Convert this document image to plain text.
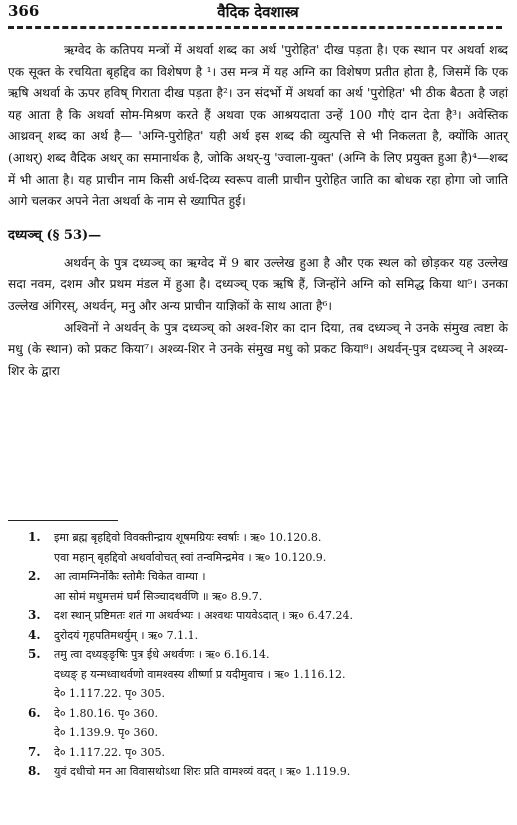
366	वैदिक देवशास्त्र

ऋग्वेद के कतिपय मन्त्रों में अथर्वा शब्द का अर्थ 'पुरोहित' दीख पड़ता है। एक स्थान पर अथर्वा शब्द एक सूक्त के रचयिता बृहद्दिव का विशेषण है ¹। उस मन्त्र में यह अग्नि का विशेषण प्रतीत होता है, जिसमें कि एक ऋषि अथर्वा के ऊपर हविष् गिराता दीख पड़ता है²। उन संदर्भो में अथर्वा का अर्थ 'पुरोहित' भी ठीक बैठता है जहां यह आता है कि अथर्वा सोम-मिश्रण करते हैं अथवा एक आश्रयदाता उन्हें 100 गौएं दान देता है³। अवेस्तिक आथ्रवन् शब्द का अर्थ है— 'अग्नि-पुरोहित' यही अर्थ इस शब्द की व्युत्पत्ति से भी निकलता है, क्योंकि आतर् (आथर्) शब्द वैदिक अथर् का समानार्थक है, जोकि अथर्-यु 'ज्वाला-युक्त' (अग्नि के लिए प्रयुक्त हुआ है)⁴—शब्द में भी आता है। यह प्राचीन नाम किसी अर्ध-दिव्य स्वरूप वाली प्राचीन पुरोहित जाति का बोधक रहा होगा जो जाति आगे चलकर अपने नेता अथर्वा के नाम से ख्यापित हुई।

दध्यञ्च् (§ 53)—

अथर्वन् के पुत्र दध्यञ्च् का ऋग्वेद में 9 बार उल्लेख हुआ है और एक स्थल को छोड़कर यह उल्लेख सदा नवम, दशम और प्रथम मंडल में हुआ है। दध्यञ्च् एक ऋषि हैं, जिन्होंने अग्नि को समिद्ध किया था⁵। उनका उल्लेख अंगिरस्, अथर्वन्, मनु और अन्य प्राचीन याज्ञिकों के साथ आता है⁶।

अश्विनों ने अथर्वन् के पुत्र दध्यञ्च् को अश्व-शिर का दान दिया, तब दध्यञ्च् ने उनके संमुख त्वष्टा के मधु (के स्थान) को प्रकट किया⁷। अश्व्य-शिर ने उनके संमुख मधु को प्रकट किया⁸। अथर्वन्-पुत्र दध्यञ्च् ने अश्व्य-शिर के द्वारा

1. इमा ब्रह्म बृहद्दिवो विवक्तीन्द्राय शूषमग्रियः स्वर्षाः । ऋ० 10.120.8.
एवा महान् बृहद्दिवो अथर्वावोचत् स्वां तन्वमिन्द्रमेव । ऋ० 10.120.9.
2. आ त्वामग्निर्नोकैः स्तोमैः चिकेत वाम्या ।
आ सोमं मधुमत्तमं घर्मं सिञ्चादथर्वणि ॥ ऋ० 8.9.7.
3. दश स्थान् प्रष्टिमतः शतं गा अथर्वभ्यः । अश्वथः पायवेऽदात् । ऋ० 6.47.24.
4. दुरोदयं गृहपतिमथर्युम् । ऋ० 7.1.1.
5. तमु त्वा दध्यङ्ङृषिः पुत्र ईधे अथर्वणः । ऋ० 6.16.14.
दध्यङ् ह यन्मध्वाथर्वणो वामश्वस्य शीर्ष्णा प्र यदीमुवाच । ऋ० 1.116.12.
दे० 1.117.22. पृ० 305.
6. दे० 1.80.16. पृ० 360.
दे० 1.139.9. पृ० 360.
7. दे० 1.117.22. पृ० 305.
8. युवं दधीचो मन आ विवासथोऽथा शिरः प्रति वामश्व्यं वदत् । ऋ० 1.119.9.
